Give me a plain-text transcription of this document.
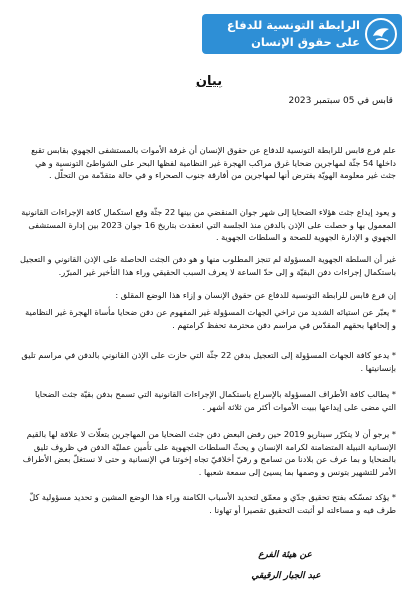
الرابطة التونسية للدفاع
على حقوق الإنسان
بيان
قابس في 05 سبتمبر 2023

علم فرع قابس للرابطة التونسية للدفاع عن حقوق الإنسان أن غرفة الأموات بالمستشفى الجهوي بقابس تقبع داخلها 54 جثّة لمهاجرين ضحايا غرق مراكب الهجرة غير النظامية لفظها البحر على الشواطئ التونسية و هي جثث غير معلومة الهويّة يفترض أنها لمهاجرين من أفارقة جنوب الصحراء و في حالة متقدّمة من التحلّل .

و يعود إيداع جثث هؤلاء الضحايا إلى شهر جوان المنقضي من بينها 22 جثّة وقع استكمال كافة الإجراءات القانونية المعمول بها و حصلت على الإذن بالدفن منذ الجلسة التي انعقدت بتاريخ 16 جوان 2023 بين إدارة المستشفى الجهوي و الإدارة الجهوية للصحة و السلطات الجهوية .

غير أن السلطة الجهوية المسؤولة لم تنجز المطلوب منها و هو دفن الجثث الحاصلة على الإذن القانوني و التعجيل باستكمال إجراءات دفن البقيّة و إلى حدّ الساعة لا يعرف السبب الحقيقي وراء هذا التأخير غير المبرّر.

إن فرع قابس للرابطة التونسية للدفاع عن حقوق الإنسان و إزاء هذا الوضع المقلق :

* يعبّر عن استيائه الشديد من تراخي الجهات المسؤولة غير المفهوم عن دفن ضحايا مأساة الهجرة غير النظامية و إلحاقها بحقهم المقدّس في مراسم دفن محترمة تحفظ كرامتهم .

* يدعو كافة الجهات المسؤولة إلى التعجيل بدفن 22 جثّة التي حازت على الإذن القانوني بالدفن في مراسم تليق بإنسانيتها .

* يطالب كافة الأطراف المسؤولة بالإسراع باستكمال الإجراءات القانونية التي تسمح بدفن بقيّة جثث الضحايا التي مضى على إيداعها ببيت الأموات أكثر من ثلاثة أشهر .

* يرجو أن لا يتكرّر سيناريو 2019 حين رفض البعض دفن جثث الضحايا من المهاجرين بتعلّات لا علاقة لها بالقيم الإنسانية النبيلة المتضامنة لكرامة الإنسان و يحثّ السلطات الجهوية على تأمين عمليّة الدفن في ظروف تليق بالضحايا و بما عرف عن بلادنا من تسامح و رقيّ أخلاقيّ تجاه إخوتنا في الإنسانية و حتى لا نستغلّ بعض الأطراف الأمر للتشهير بتونس و وصمها بما يسيئ إلى سمعة شعبها .

* يؤكد تمسّكه بفتح تحقيق جدّي و معمّق لتحديد الأسباب الكامنة وراء هذا الوضع المشين و تحديد مسؤولية كلّ طرف فيه و مساءلته لو أثبتت التحقيق تقصيرا أو تهاونا .

عن هيئة الفرع
عبد الجبار الرقيقي
